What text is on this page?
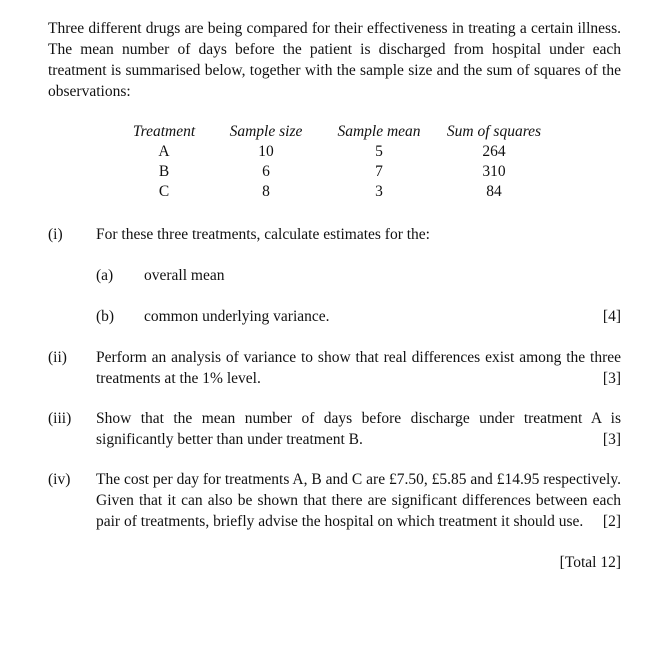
Three different drugs are being compared for their effectiveness in treating a certain illness. The mean number of days before the patient is discharged from hospital under each treatment is summarised below, together with the sample size and the sum of squares of the observations:
Treatment	Sample size	Sample mean	Sum of squares
A	10	5	264
B	6	7	310
C	8	3	84
(i) For these three treatments, calculate estimates for the:
(a) overall mean
(b) common underlying variance.	[4]
(ii) Perform an analysis of variance to show that real differences exist among the three treatments at the 1% level.	[3]
(iii) Show that the mean number of days before discharge under treatment A is significantly better than under treatment B.	[3]
(iv) The cost per day for treatments A, B and C are £7.50, £5.85 and £14.95 respectively. Given that it can also be shown that there are significant differences between each pair of treatments, briefly advise the hospital on which treatment it should use.	[2]
[Total 12]
